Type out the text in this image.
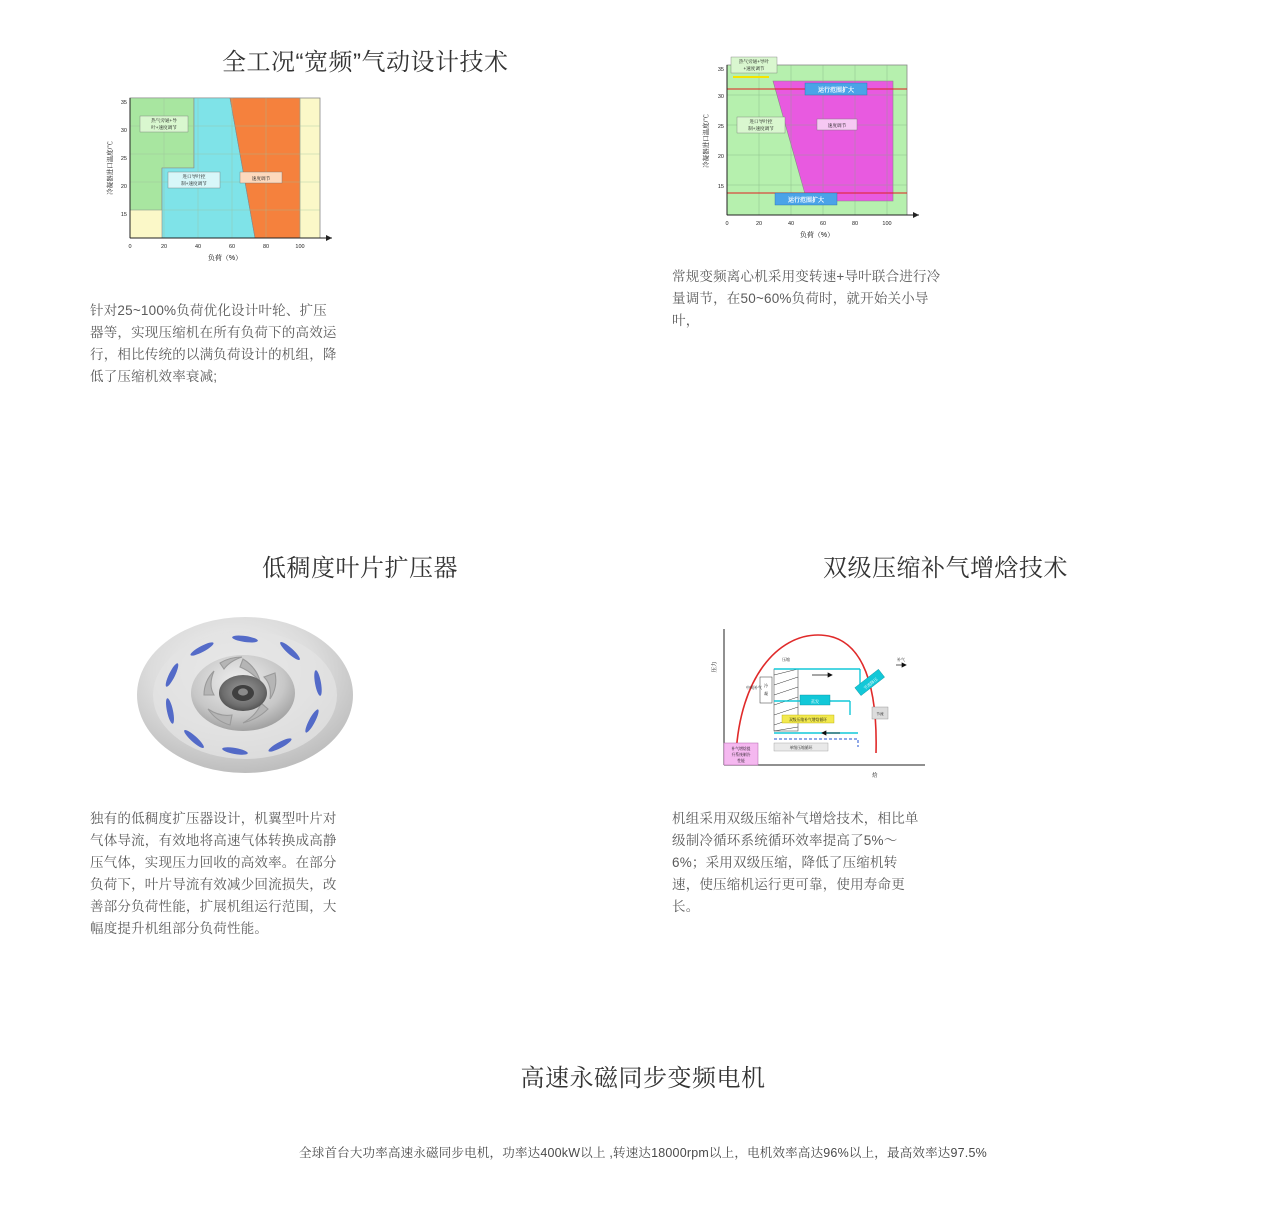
全工况“宽频”气动设计技术
35
30
25
20
15
0	20	40	60	80	100
负荷（%）
冷凝器进口温度/℃
热气旁通+导
叶+速度调节
进口导叶控
制+速度调节
速度调节
针对25~100%负荷优化设计叶轮、扩压器等，实现压缩机在所有负荷下的高效运行，相比传统的以满负荷设计的机组，降低了压缩机效率衰减;
35
30
25
20
15
0	20	40	60	80	100
负荷（%）
冷凝器进口温度/℃
热气旁通+导叶
+速度调节
进口导叶控
制+速度调节
速度调节
运行范围扩大
运行范围扩大
常规变频离心机采用变转速+导叶联合进行冷量调节，在50~60%负荷时，就开始关小导叶，
低稠度叶片扩压器
独有的低稠度扩压器设计，机翼型叶片对气体导流，有效地将高速气体转换成高静压气体，实现压力回收的高效率。在部分负荷下，叶片导流有效减少回流损失，改善部分负荷性能，扩展机组运行范围，大幅度提升机组部分负荷性能。
双级压缩补气增焓技术
压力
焓
冷
凝
中间补气
蒸发
双级压缩补气增焓循环
单级压缩循环
补气增焓提
升系统制冷
性能
压缩
节流降压
节流
补气
机组采用双级压缩补气增焓技术，相比单级制冷循环系统循环效率提高了5%～6%；采用双级压缩，降低了压缩机转速，使压缩机运行更可靠，使用寿命更长。
高速永磁同步变频电机
全球首台大功率高速永磁同步电机，功率达400kW以上 ,转速达18000rpm以上，电机效率高达96%以上，最高效率达97.5%
